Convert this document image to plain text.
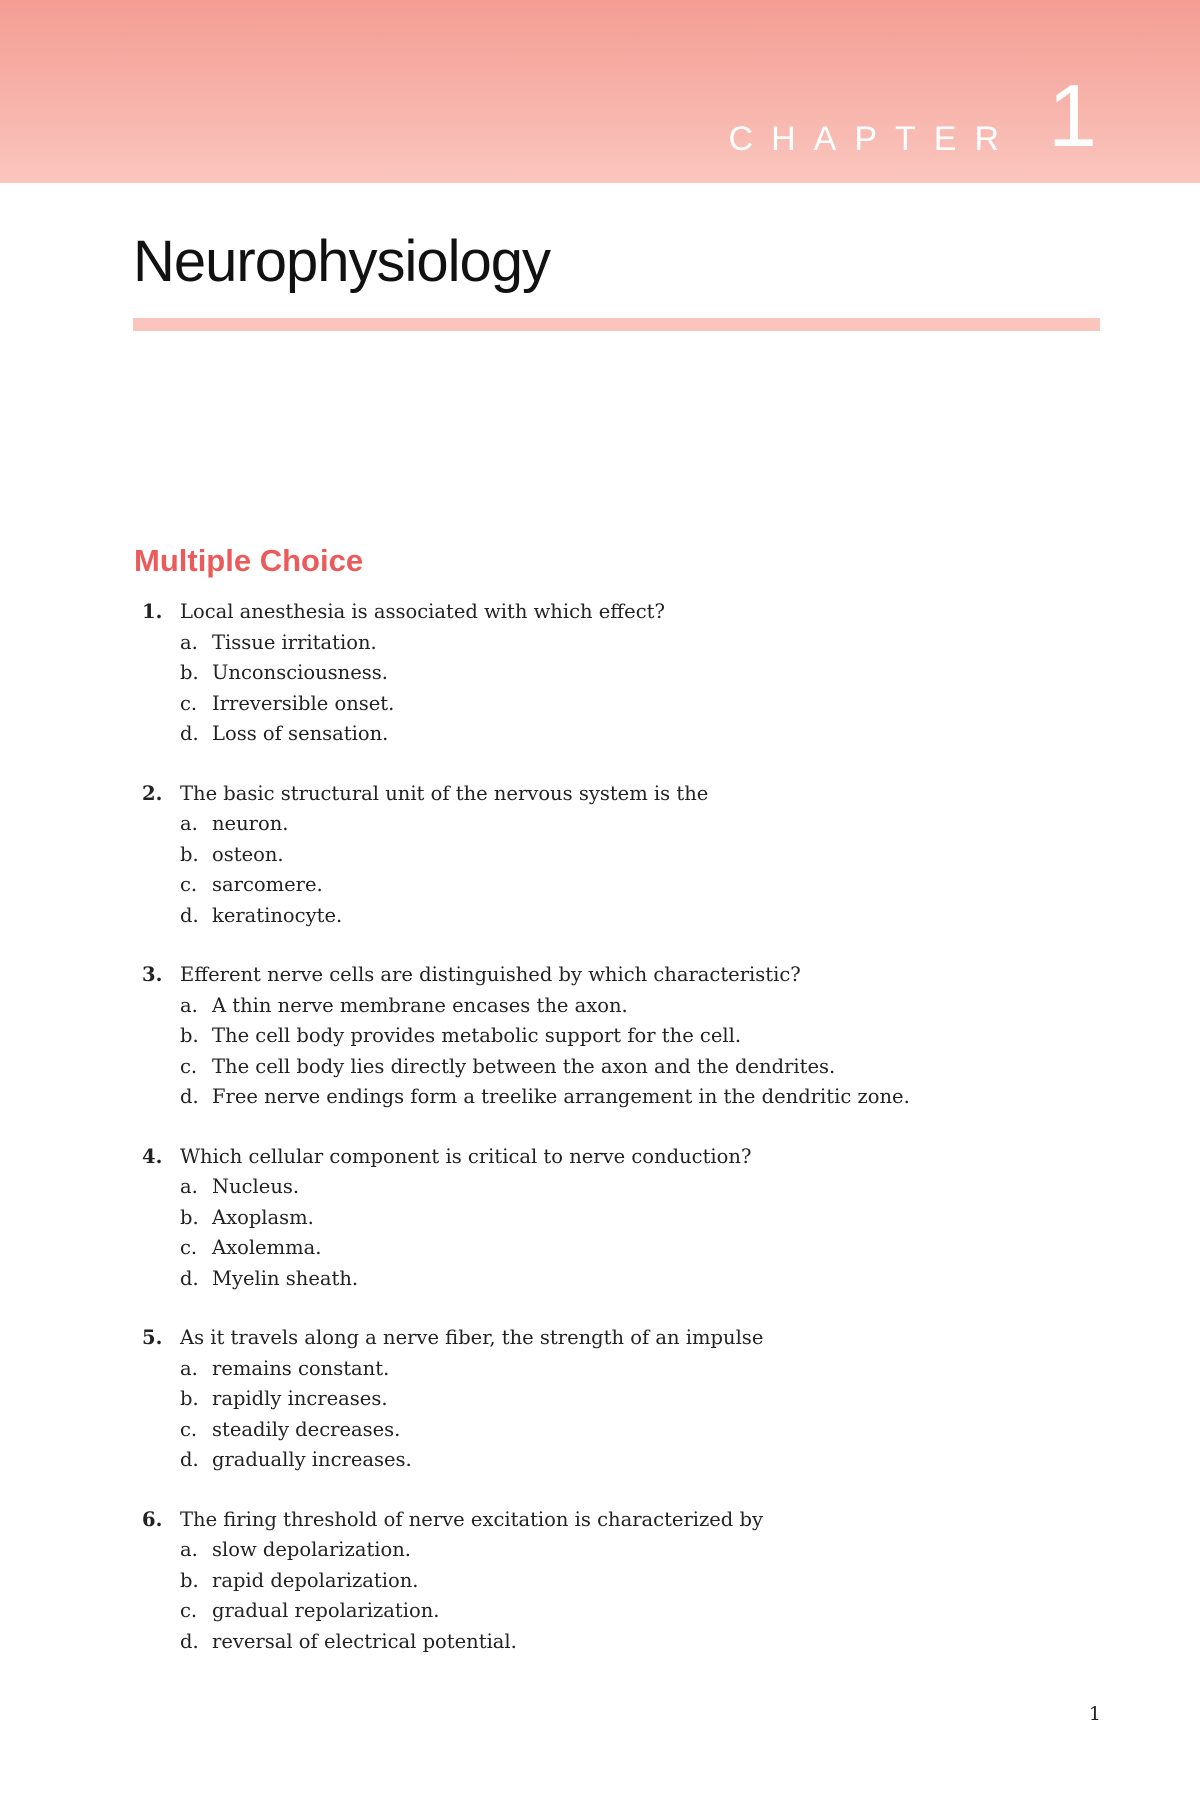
CHAPTER 1
Neurophysiology
Multiple Choice
1. Local anesthesia is associated with which effect?
a. Tissue irritation.
b. Unconsciousness.
c. Irreversible onset.
d. Loss of sensation.
2. The basic structural unit of the nervous system is the
a. neuron.
b. osteon.
c. sarcomere.
d. keratinocyte.
3. Efferent nerve cells are distinguished by which characteristic?
a. A thin nerve membrane encases the axon.
b. The cell body provides metabolic support for the cell.
c. The cell body lies directly between the axon and the dendrites.
d. Free nerve endings form a treelike arrangement in the dendritic zone.
4. Which cellular component is critical to nerve conduction?
a. Nucleus.
b. Axoplasm.
c. Axolemma.
d. Myelin sheath.
5. As it travels along a nerve fiber, the strength of an impulse
a. remains constant.
b. rapidly increases.
c. steadily decreases.
d. gradually increases.
6. The firing threshold of nerve excitation is characterized by
a. slow depolarization.
b. rapid depolarization.
c. gradual repolarization.
d. reversal of electrical potential.
1
